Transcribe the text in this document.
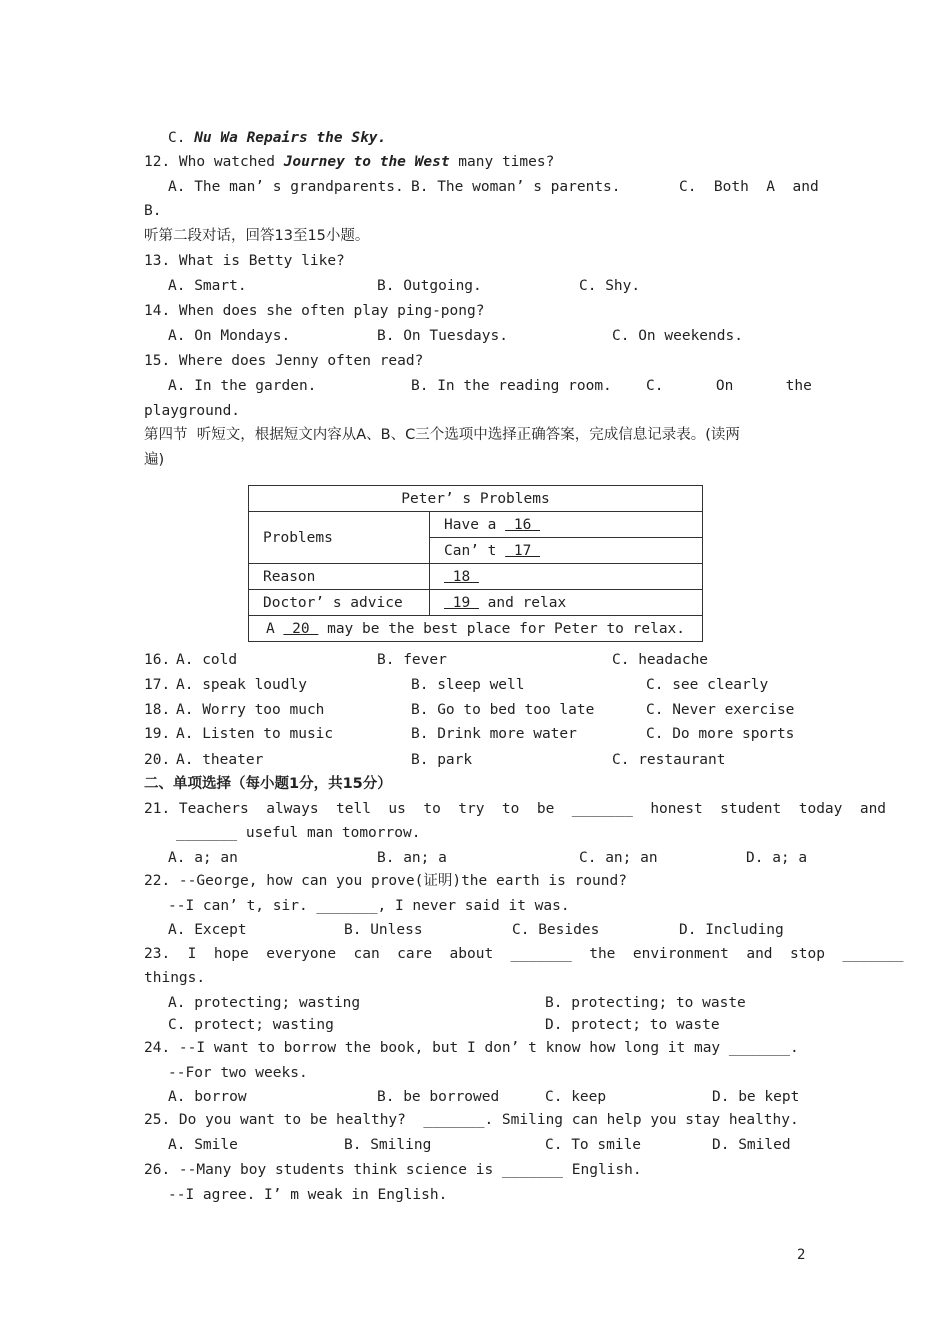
C. Nu Wa Repairs the Sky.
12. Who watched Journey to the West many times?
A. The man’ s grandparents. B. The woman’ s parents.	C.  Both  A  and
B.
听第二段对话，回答13至15小题。
13. What is Betty like?
A. Smart.	B. Outgoing.	C. Shy.
14. When does she often play ping-pong?
A. On Mondays.	B. On Tuesdays.	C. On weekends.
15. Where does Jenny often read?
A. In the garden.	B. In the reading room. C.      On      the
playground.
第四节  听短文，根据短文内容从A、B、C三个选项中选择正确答案，完成信息记录表。(读两
遍)
Peter’ s Problems	
Problems	Have a  16
	Can’ t  17
Reason	18
Doctor’ s advice	19  and relax
A  20  may be the best place for Peter to relax.	
16. A. cold	B. fever	C. headache
17. A. speak loudly	B. sleep well	C. see clearly
18. A. Worry too much	B. Go to bed too late	C. Never exercise
19. A. Listen to music	B. Drink more water	C. Do more sports
20. A. theater	B. park	C. restaurant
二、单项选择（每小题1分，共15分）
21. Teachers  always  tell  us  to  try  to  be  _______  honest  student  today  and
_______ useful man tomorrow.
A. a; an	B. an; a	C. an; an	D. a; a
22. --George, how can you prove(证明)the earth is round?
--I can’ t, sir. _______, I never said it was.
A. Except	B. Unless	C. Besides	D. Including
23.  I  hope  everyone  can  care  about  _______  the  environment  and  stop  _______
things.
A. protecting; wasting	B. protecting; to waste
C. protect; wasting	D. protect; to waste
24. --I want to borrow the book, but I don’ t know how long it may _______.
--For two weeks.
A. borrow	B. be borrowed	C. keep	D. be kept
25. Do you want to be healthy?  _______. Smiling can help you stay healthy.
A. Smile	B. Smiling	C. To smile	D. Smiled
26. --Many boy students think science is _______ English.
--I agree. I’ m weak in English.
2
